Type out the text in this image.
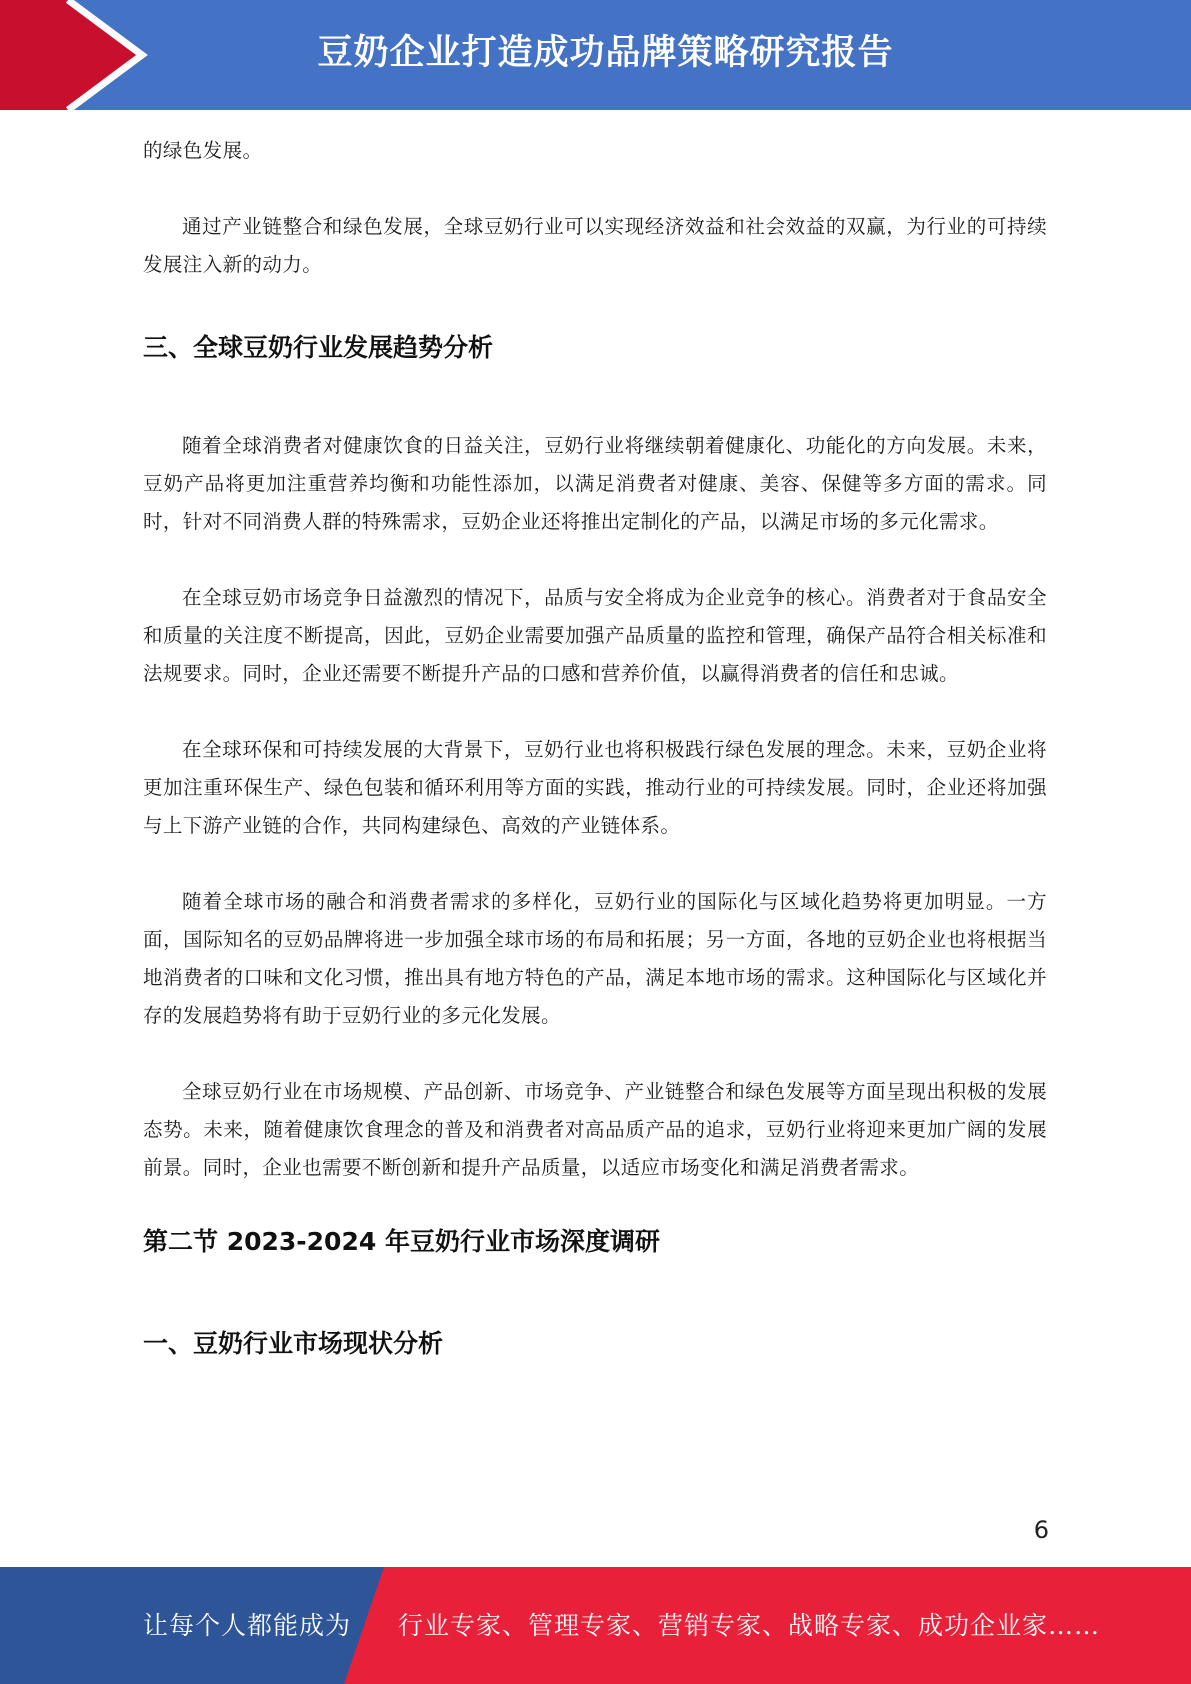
豆奶企业打造成功品牌策略研究报告

的绿色发展。

通过产业链整合和绿色发展，全球豆奶行业可以实现经济效益和社会效益的双赢，为行业的可持续发展注入新的动力。

三、全球豆奶行业发展趋势分析

随着全球消费者对健康饮食的日益关注，豆奶行业将继续朝着健康化、功能化的方向发展。未来，豆奶产品将更加注重营养均衡和功能性添加，以满足消费者对健康、美容、保健等多方面的需求。同时，针对不同消费人群的特殊需求，豆奶企业还将推出定制化的产品，以满足市场的多元化需求。

在全球豆奶市场竞争日益激烈的情况下，品质与安全将成为企业竞争的核心。消费者对于食品安全和质量的关注度不断提高，因此，豆奶企业需要加强产品质量的监控和管理，确保产品符合相关标准和法规要求。同时，企业还需要不断提升产品的口感和营养价值，以赢得消费者的信任和忠诚。

在全球环保和可持续发展的大背景下，豆奶行业也将积极践行绿色发展的理念。未来，豆奶企业将更加注重环保生产、绿色包装和循环利用等方面的实践，推动行业的可持续发展。同时，企业还将加强与上下游产业链的合作，共同构建绿色、高效的产业链体系。

随着全球市场的融合和消费者需求的多样化，豆奶行业的国际化与区域化趋势将更加明显。一方面，国际知名的豆奶品牌将进一步加强全球市场的布局和拓展；另一方面，各地的豆奶企业也将根据当地消费者的口味和文化习惯，推出具有地方特色的产品，满足本地市场的需求。这种国际化与区域化并存的发展趋势将有助于豆奶行业的多元化发展。

全球豆奶行业在市场规模、产品创新、市场竞争、产业链整合和绿色发展等方面呈现出积极的发展态势。未来，随着健康饮食理念的普及和消费者对高品质产品的追求，豆奶行业将迎来更加广阔的发展前景。同时，企业也需要不断创新和提升产品质量，以适应市场变化和满足消费者需求。

第二节 2023-2024 年豆奶行业市场深度调研
一、豆奶行业市场现状分析
6
让每个人都能成为 行业专家、管理专家、营销专家、战略专家、成功企业家……
